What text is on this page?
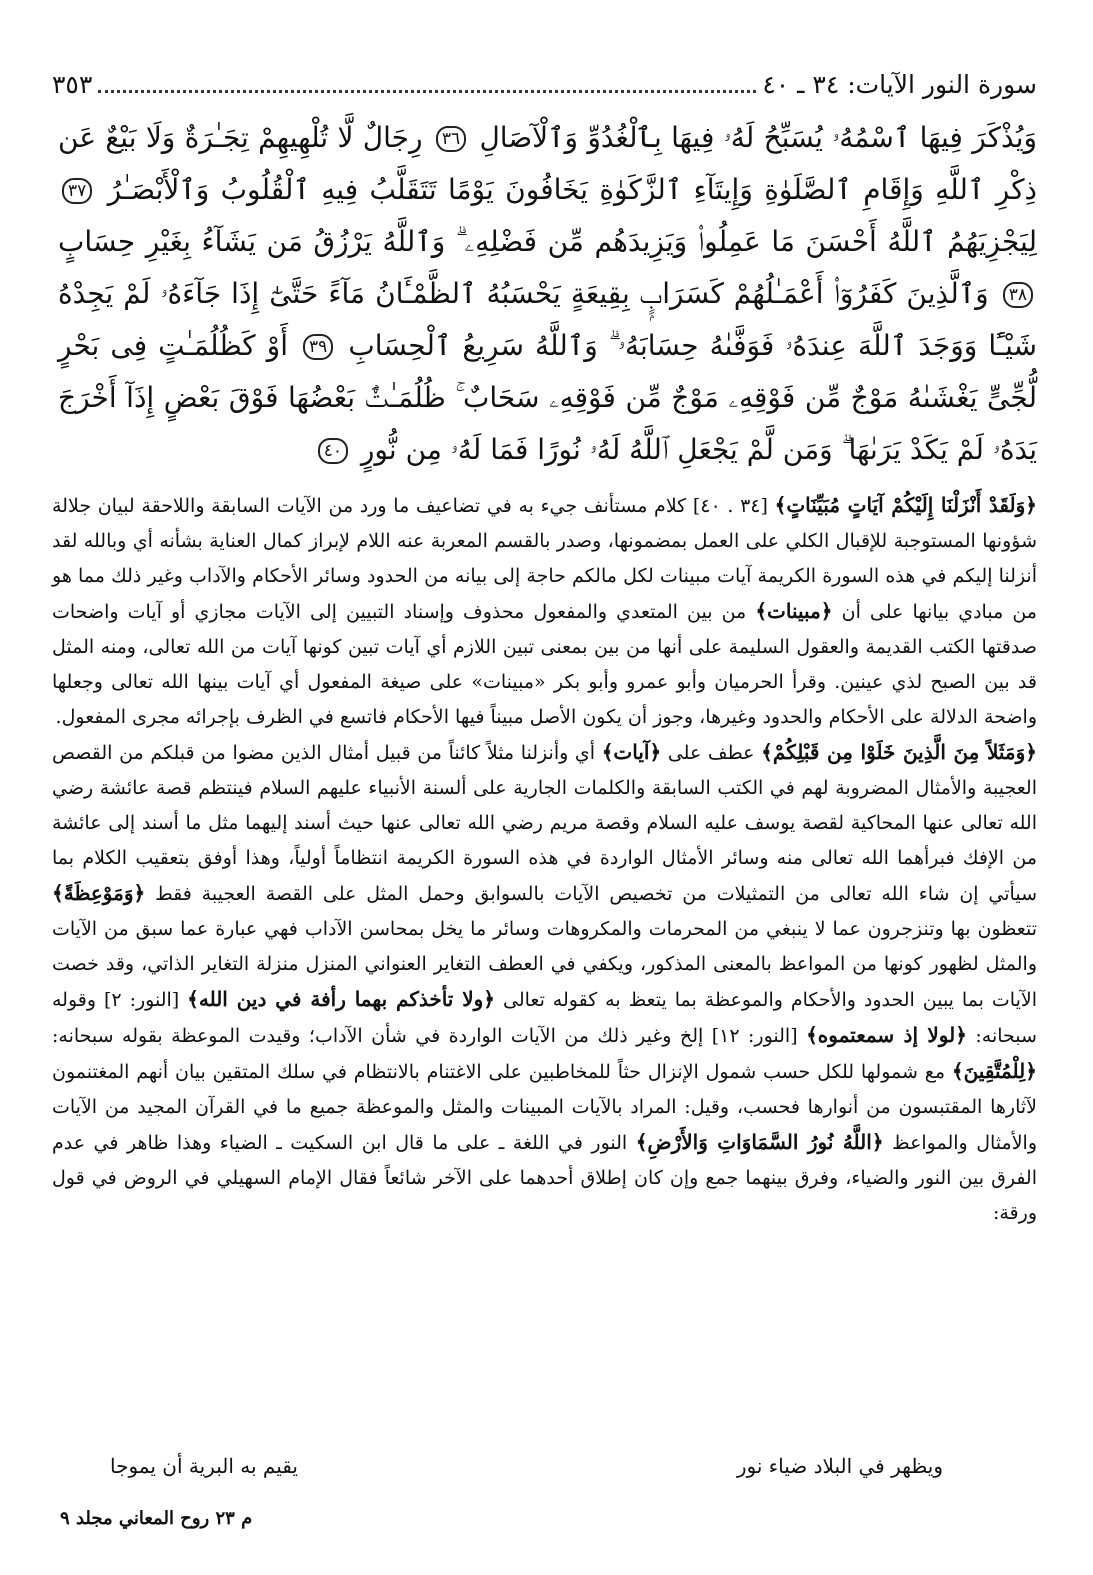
سورة النور الآيات: ٣٤ ـ ٤٠
٣٥٣
وَيُذْكَرَ فِيهَا ٱسْمُهُۥ يُسَبِّحُ لَهُۥ فِيهَا بِٱلْغُدُوِّ وَٱلْآصَالِ ٣٦ رِجَالٌ لَّا تُلْهِيهِمْ تِجَـٰرَةٌ وَلَا بَيْعٌ عَن ذِكْرِ ٱللَّهِ وَإِقَامِ ٱلصَّلَوٰةِ وَإِيتَآءِ ٱلزَّكَوٰةِ يَخَافُونَ يَوْمًا تَتَقَلَّبُ فِيهِ ٱلْقُلُوبُ وَٱلْأَبْصَـٰرُ ٣٧ لِيَجْزِيَهُمُ ٱللَّهُ أَحْسَنَ مَا عَمِلُوا۟ وَيَزِيدَهُم مِّن فَضْلِهِۦ ۗ وَٱللَّهُ يَرْزُقُ مَن يَشَآءُ بِغَيْرِ حِسَابٍ ٣٨ وَٱلَّذِينَ كَفَرُوٓا۟ أَعْمَـٰلُهُمْ كَسَرَابٍۭ بِقِيعَةٍ يَحْسَبُهُ ٱلظَّمْـَٔانُ مَآءً حَتَّىٰٓ إِذَا جَآءَهُۥ لَمْ يَجِدْهُ شَيْـًٔا وَوَجَدَ ٱللَّهَ عِندَهُۥ فَوَفَّىٰهُ حِسَابَهُۥ ۗ وَٱللَّهُ سَرِيعُ ٱلْحِسَابِ ٣٩ أَوْ كَظُلُمَـٰتٍ فِى بَحْرٍ لُّجِّىٍّ يَغْشَىٰهُ مَوْجٌ مِّن فَوْقِهِۦ مَوْجٌ مِّن فَوْقِهِۦ سَحَابٌ ۚ ظُلُمَـٰتٌۢ بَعْضُهَا فَوْقَ بَعْضٍ إِذَآ أَخْرَجَ يَدَهُۥ لَمْ يَكَدْ يَرَىٰهَا ۗ وَمَن لَّمْ يَجْعَلِ ٱللَّهُ لَهُۥ نُورًا فَمَا لَهُۥ مِن نُّورٍ ٤٠

﴿وَلَقَدْ أَنْزَلْنَا إِلَيْكُمْ آيَاتٍ مُبَيِّنَاتٍ﴾ [٣٤ . ٤٠] كلام مستأنف جيء به في تضاعيف ما ورد من الآيات السابقة واللاحقة لبيان جلالة شؤونها المستوجبة للإقبال الكلي على العمل بمضمونها، وصدر بالقسم المعربة عنه اللام لإبراز كمال العناية بشأنه أي وبالله لقد أنزلنا إليكم في هذه السورة الكريمة آيات مبينات لكل مالكم حاجة إلى بيانه من الحدود وسائر الأحكام والآداب وغير ذلك مما هو من مبادي بيانها على أن ﴿مبينات﴾ من بين المتعدي والمفعول محذوف وإسناد التبيين إلى الآيات مجازي أو آيات واضحات صدقتها الكتب القديمة والعقول السليمة على أنها من بين بمعنى تبين اللازم أي آيات تبين كونها آيات من الله تعالى، ومنه المثل قد بين الصبح لذي عينين. وقرأ الحرميان وأبو عمرو وأبو بكر «مبينات» على صيغة المفعول أي آيات بينها الله تعالى وجعلها واضحة الدلالة على الأحكام والحدود وغيرها، وجوز أن يكون الأصل مبيناً فيها الأحكام فاتسع في الظرف بإجرائه مجرى المفعول.

﴿وَمَثَلاً مِنَ الَّذِينَ خَلَوْا مِن قَبْلِكُمْ﴾ عطف على ﴿آيات﴾ أي وأنزلنا مثلاً كائناً من قبيل أمثال الذين مضوا من قبلكم من القصص العجيبة والأمثال المضروبة لهم في الكتب السابقة والكلمات الجارية على ألسنة الأنبياء عليهم السلام فينتظم قصة عائشة رضي الله تعالى عنها المحاكية لقصة يوسف عليه السلام وقصة مريم رضي الله تعالى عنها حيث أسند إليهما مثل ما أسند إلى عائشة من الإفك فبرأهما الله تعالى منه وسائر الأمثال الواردة في هذه السورة الكريمة انتظاماً أولياً، وهذا أوفق بتعقيب الكلام بما سيأتي إن شاء الله تعالى من التمثيلات من تخصيص الآيات بالسوابق وحمل المثل على القصة العجيبة فقط ﴿وَمَوْعِظَةً﴾ تتعظون بها وتنزجرون عما لا ينبغي من المحرمات والمكروهات وسائر ما يخل بمحاسن الآداب فهي عبارة عما سبق من الآيات والمثل لظهور كونها من المواعظ بالمعنى المذكور، ويكفي في العطف التغاير العنواني المنزل منزلة التغاير الذاتي، وقد خصت الآيات بما يبين الحدود والأحكام والموعظة بما يتعظ به كقوله تعالى ﴿ولا تأخذكم بهما رأفة في دين الله﴾ [النور: ٢] وقوله سبحانه: ﴿لولا إذ سمعتموه﴾ [النور: ١٢] إلخ وغير ذلك من الآيات الواردة في شأن الآداب؛ وقيدت الموعظة بقوله سبحانه: ﴿لِلْمُتَّقِينَ﴾ مع شمولها للكل حسب شمول الإنزال حثاً للمخاطبين على الاغتنام بالانتظام في سلك المتقين بيان أنهم المغتنمون لآثارها المقتبسون من أنوارها فحسب، وقيل: المراد بالآيات المبينات والمثل والموعظة جميع ما في القرآن المجيد من الآيات والأمثال والمواعظ ﴿اللَّهُ نُورُ السَّمَاوَاتِ وَالأَرْضِ﴾ النور في اللغة ـ على ما قال ابن السكيت ـ الضياء وهذا ظاهر في عدم الفرق بين النور والضياء، وفرق بينهما جمع وإن كان إطلاق أحدهما على الآخر شائعاً فقال الإمام السهيلي في الروض في قول ورقة:

ويظهر في البلاد ضياء نور
يقيم به البرية أن يموجا
م ٢٣ روح المعاني مجلد ٩
